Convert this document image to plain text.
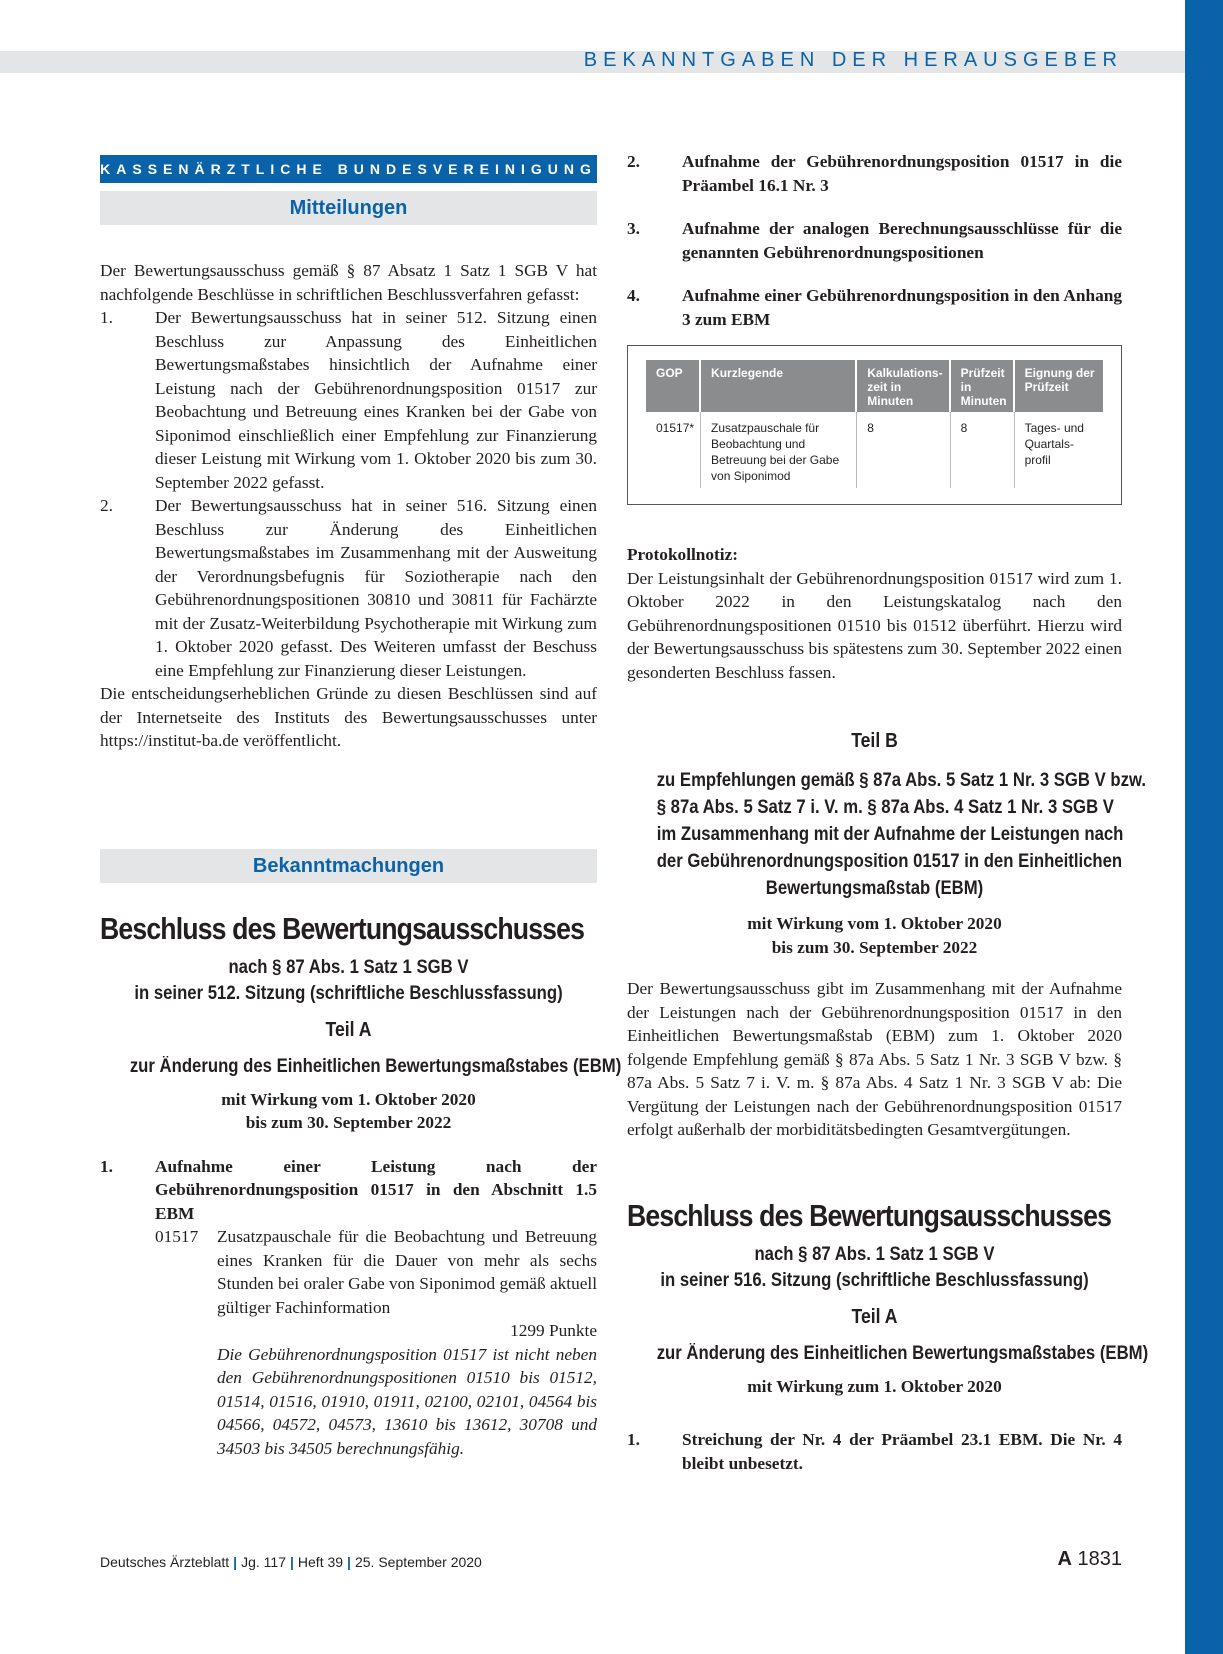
BEKANNTGABEN DER HERAUSGEBER
KASSENÄRZTLICHE BUNDESVEREINIGUNG
Mitteilungen

Der Bewertungsausschuss gemäß § 87 Absatz 1 Satz 1 SGB V hat nachfolgende Beschlüsse in schriftlichen Beschlussverfahren gefasst:

1.	Der Bewertungsausschuss hat in seiner 512. Sitzung einen Beschluss zur Anpassung des Einheitlichen Bewertungsmaßstabes hinsichtlich der Aufnahme einer Leistung nach der Gebührenordnungsposition 01517 zur Beobachtung und Betreuung eines Kranken bei der Gabe von Siponimod einschließlich einer Empfehlung zur Finanzierung dieser Leistung mit Wirkung vom 1. Oktober 2020 bis zum 30. September 2022 gefasst.
2.	Der Bewertungsausschuss hat in seiner 516. Sitzung einen Beschluss zur Änderung des Einheitlichen Bewertungsmaßstabes im Zusammenhang mit der Ausweitung der Verordnungsbefugnis für Soziotherapie nach den Gebührenordnungspositionen 30810 und 30811 für Fachärzte mit der Zusatz-Weiterbildung Psychotherapie mit Wirkung zum 1. Oktober 2020 gefasst. Des Weiteren umfasst der Beschuss eine Empfehlung zur Finanzierung dieser Leistungen.

Die entscheidungserheblichen Gründe zu diesen Beschlüssen sind auf der Internetseite des Instituts des Bewertungsausschusses unter https://institut-ba.de veröffentlicht.

Bekanntmachungen
Beschluss des Bewertungsausschusses
nach § 87 Abs. 1 Satz 1 SGB V
in seiner 512. Sitzung (schriftliche Beschlussfassung)
Teil A
zur Änderung des Einheitlichen Bewertungsmaßstabes (EBM)
mit Wirkung vom 1. Oktober 2020
bis zum 30. September 2022
1.	Aufnahme einer Leistung nach der Gebührenordnungsposition 01517 in den Abschnitt 1.5 EBM
01517	Zusatzpauschale für die Beobachtung und Betreuung eines Kranken für die Dauer von mehr als sechs Stunden bei oraler Gabe von Siponimod gemäß aktuell gültiger Fachinformation
1299 Punkte
Die Gebührenordnungsposition 01517 ist nicht neben den Gebührenordnungspositionen 01510 bis 01512, 01514, 01516, 01910, 01911, 02100, 02101, 04564 bis 04566, 04572, 04573, 13610 bis 13612, 30708 und 34503 bis 34505 berechnungsfähig.
2.	Aufnahme der Gebührenordnungsposition 01517 in die Präambel 16.1 Nr. 3
3.	Aufnahme der analogen Berechnungsausschlüsse für die genannten Gebührenordnungspositionen
4.	Aufnahme einer Gebührenordnungsposition in den Anhang 3 zum EBM
GOP	Kurzlegende	Kalkulations-zeit in Minuten	Prüfzeit in Minuten	Eignung der Prüfzeit
01517*	Zusatzpauschale für Beobachtung und Betreuung bei der Gabe von Siponimod	8	8	Tages- und Quartals-profil
Protokollnotiz:

Der Leistungsinhalt der Gebührenordnungsposition 01517 wird zum 1. Oktober 2022 in den Leistungskatalog nach den Gebührenordnungspositionen 01510 bis 01512 überführt. Hierzu wird der Bewertungsausschuss bis spätestens zum 30. September 2022 einen gesonderten Beschluss fassen.

Teil B
zu Empfehlungen gemäß § 87a Abs. 5 Satz 1 Nr. 3 SGB V bzw.
§ 87a Abs. 5 Satz 7 i. V. m. § 87a Abs. 4 Satz 1 Nr. 3 SGB V
im Zusammenhang mit der Aufnahme der Leistungen nach
der Gebührenordnungsposition 01517 in den Einheitlichen
Bewertungsmaßstab (EBM)
mit Wirkung vom 1. Oktober 2020
bis zum 30. September 2022

Der Bewertungsausschuss gibt im Zusammenhang mit der Aufnahme der Leistungen nach der Gebührenordnungsposition 01517 in den Einheitlichen Bewertungsmaßstab (EBM) zum 1. Oktober 2020 folgende Empfehlung gemäß § 87a Abs. 5 Satz 1 Nr. 3 SGB V bzw. § 87a Abs. 5 Satz 7 i. V. m. § 87a Abs. 4 Satz 1 Nr. 3 SGB V ab: Die Vergütung der Leistungen nach der Gebührenordnungsposition 01517 erfolgt außerhalb der morbiditätsbedingten Gesamtvergütungen.

Beschluss des Bewertungsausschusses
nach § 87 Abs. 1 Satz 1 SGB V
in seiner 516. Sitzung (schriftliche Beschlussfassung)
Teil A
zur Änderung des Einheitlichen Bewertungsmaßstabes (EBM)
mit Wirkung zum 1. Oktober 2020
1.	Streichung der Nr. 4 der Präambel 23.1 EBM. Die Nr. 4 bleibt unbesetzt.
Deutsches Ärzteblatt | Jg. 117 | Heft 39 | 25. September 2020	A 1831
